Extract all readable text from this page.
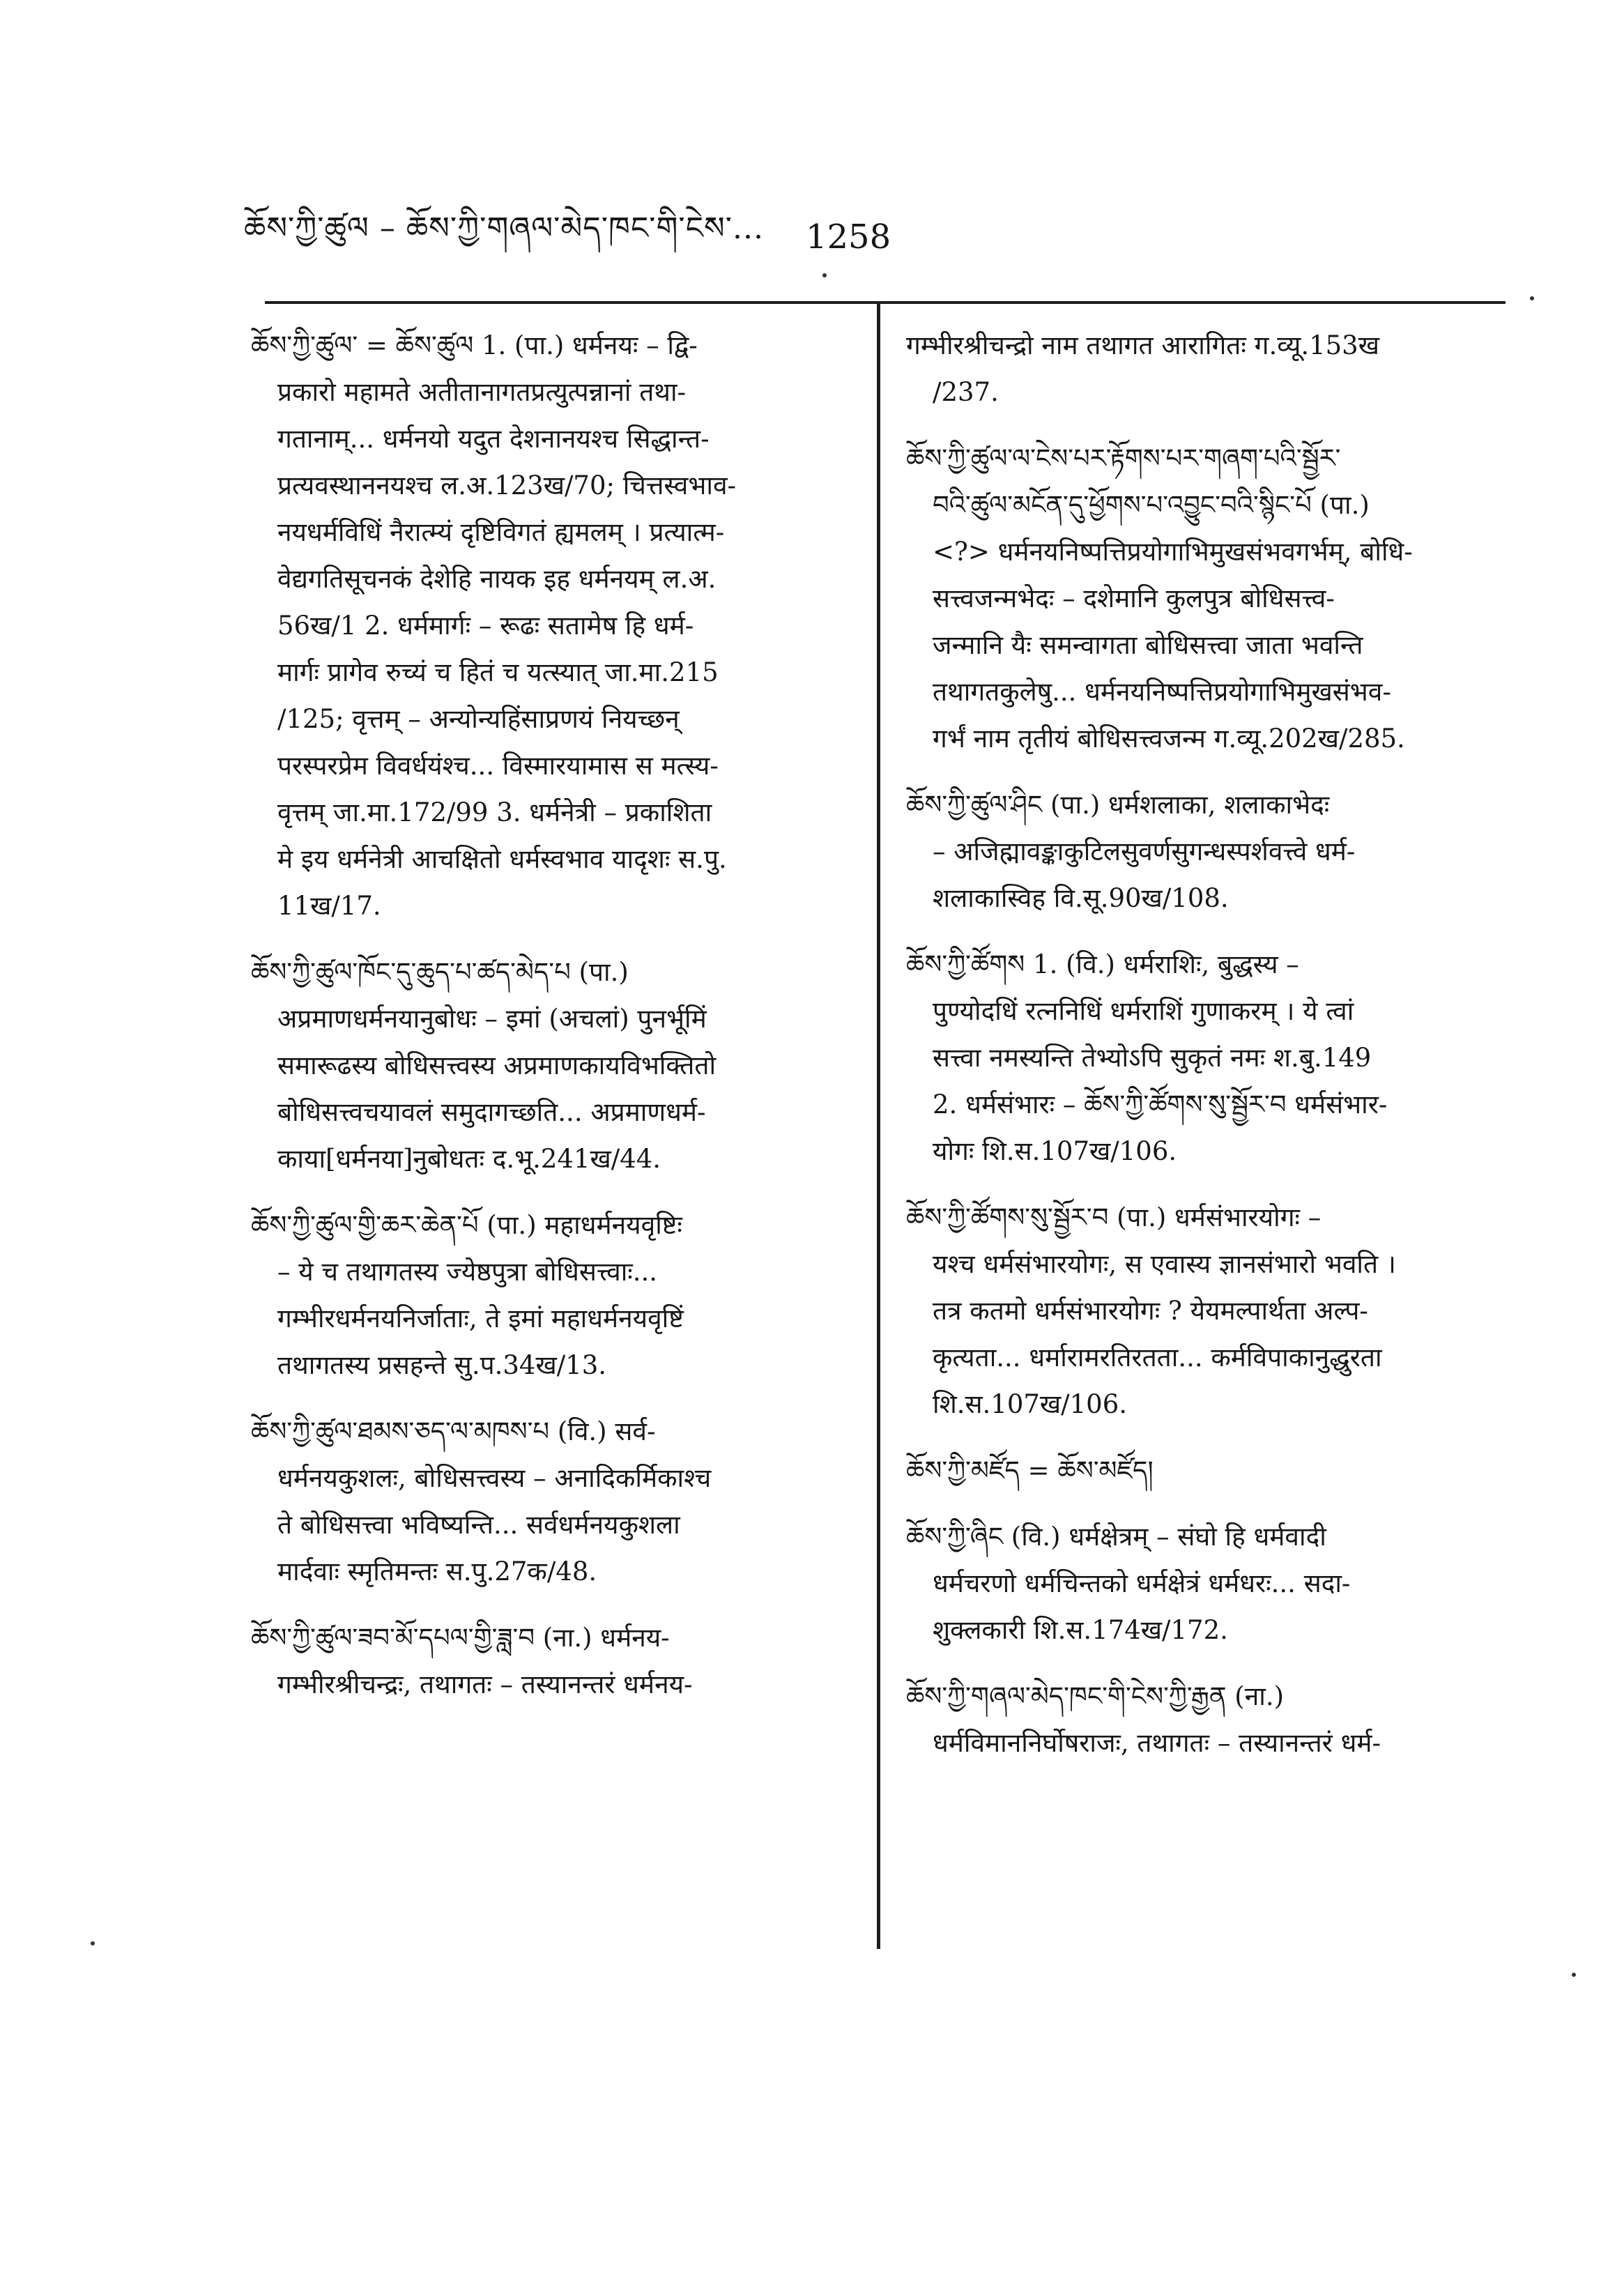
ཆོས་ཀྱི་ཚུལ – ཆོས་ཀྱི་གཞལ་མེད་ཁང་གི་ངེས་... 1258
ཆོས་ཀྱི་ཚུལ་ = ཆོས་ཚུལ 1. (पा.) धर्मनयः – द्वि-
प्रकारो महामते अतीतानागतप्रत्युत्पन्नानां तथा-
गतानाम्... धर्मनयो यदुत देशनानयश्च सिद्धान्त-
प्रत्यवस्थाननयश्च ल.अ.123ख/70; चित्तस्वभाव-
नयधर्मविधिं नैरात्म्यं दृष्टिविगतं ह्यमलम् । प्रत्यात्म-
वेद्यगतिसूचनकं देशेहि नायक इह धर्मनयम् ल.अ.
56ख/1 2. धर्ममार्गः – रूढः सतामेष हि धर्म-
मार्गः प्रागेव रुच्यं च हितं च यत्स्यात् जा.मा.215
/125; वृत्तम् – अन्योन्यहिंसाप्रणयं नियच्छन्
परस्परप्रेम विवर्धयंश्च... विस्मारयामास स मत्स्य-
वृत्तम् जा.मा.172/99 3. धर्मनेत्री – प्रकाशिता
मे इय धर्मनेत्री आचक्षितो धर्मस्वभाव यादृशः स.पु.
11ख/17.
ཆོས་ཀྱི་ཚུལ་ཁོང་དུ་ཆུད་པ་ཚད་མེད་པ (पा.)
अप्रमाणधर्मनयानुबोधः – इमां (अचलां) पुनर्भूमिं
समारूढस्य बोधिसत्त्वस्य अप्रमाणकायविभक्तितो
बोधिसत्त्वचयावलं समुदागच्छति... अप्रमाणधर्म-
काया[धर्मनया]नुबोधतः द.भू.241ख/44.
ཆོས་ཀྱི་ཚུལ་གྱི་ཆར་ཆེན་པོ (पा.) महाधर्मनयवृष्टिः
– ये च तथागतस्य ज्येष्ठपुत्रा बोधिसत्त्वाः...
गम्भीरधर्मनयनिर्जाताः, ते इमां महाधर्मनयवृष्टिं
तथागतस्य प्रसहन्ते सु.प.34ख/13.
ཆོས་ཀྱི་ཚུལ་ཐམས་ཅད་ལ་མཁས་པ (वि.) सर्व-
धर्मनयकुशलः, बोधिसत्त्वस्य – अनादिकर्मिकाश्च
ते बोधिसत्त्वा भविष्यन्ति... सर्वधर्मनयकुशला
मार्दवाः स्मृतिमन्तः स.पु.27क/48.
ཆོས་ཀྱི་ཚུལ་ཟབ་མོ་དཔལ་གྱི་ཟླ་བ (ना.) धर्मनय-
गम्भीरश्रीचन्द्रः, तथागतः – तस्यानन्तरं धर्मनय-
गम्भीरश्रीचन्द्रो नाम तथागत आरागितः ग.व्यू.153ख
/237.
ཆོས་ཀྱི་ཚུལ་ལ་ངེས་པར་རྟོགས་པར་གཞག་པའི་སྦྱོར་
བའི་ཚུལ་མངོན་དུ་ཕྱོགས་པ་འབྱུང་བའི་སྙིང་པོ (पा.)
<?> धर्मनयनिष्पत्तिप्रयोगाभिमुखसंभवगर्भम्, बोधि-
सत्त्वजन्मभेदः – दशेमानि कुलपुत्र बोधिसत्त्व-
जन्मानि यैः समन्वागता बोधिसत्त्वा जाता भवन्ति
तथागतकुलेषु... धर्मनयनिष्पत्तिप्रयोगाभिमुखसंभव-
गर्भं नाम तृतीयं बोधिसत्त्वजन्म ग.व्यू.202ख/285.
ཆོས་ཀྱི་ཚུལ་ཤིང (पा.) धर्मशलाका, शलाकाभेदः
– अजिह्मावङ्काकुटिलसुवर्णसुगन्धस्पर्शवत्त्वे धर्म-
शलाकास्विह वि.सू.90ख/108.
ཆོས་ཀྱི་ཚོགས 1. (वि.) धर्मराशिः, बुद्धस्य –
पुण्योदधिं रत्ननिधिं धर्मराशिं गुणाकरम् । ये त्वां
सत्त्वा नमस्यन्ति तेभ्योऽपि सुकृतं नमः श.बु.149
2. धर्मसंभारः – ཆོས་ཀྱི་ཚོགས་སུ་སྦྱོར་བ धर्मसंभार-
योगः शि.स.107ख/106.
ཆོས་ཀྱི་ཚོགས་སུ་སྦྱོར་བ (पा.) धर्मसंभारयोगः –
यश्च धर्मसंभारयोगः, स एवास्य ज्ञानसंभारो भवति ।
तत्र कतमो धर्मसंभारयोगः ? येयमल्पार्थता अल्प-
कृत्यता... धर्मारामरतिरतता... कर्मविपाकानुद्धुरता
शि.स.107ख/106.
ཆོས་ཀྱི་མཛོད = ཆོས་མཛོད།
ཆོས་ཀྱི་ཞིང (वि.) धर्मक्षेत्रम् – संघो हि धर्मवादी
धर्मचरणो धर्मचिन्तको धर्मक्षेत्रं धर्मधरः... सदा-
शुक्लकारी शि.स.174ख/172.
ཆོས་ཀྱི་གཞལ་མེད་ཁང་གི་ངེས་ཀྱི་རྒྱན (ना.)
धर्मविमाननिर्घोषराजः, तथागतः – तस्यानन्तरं धर्म-
